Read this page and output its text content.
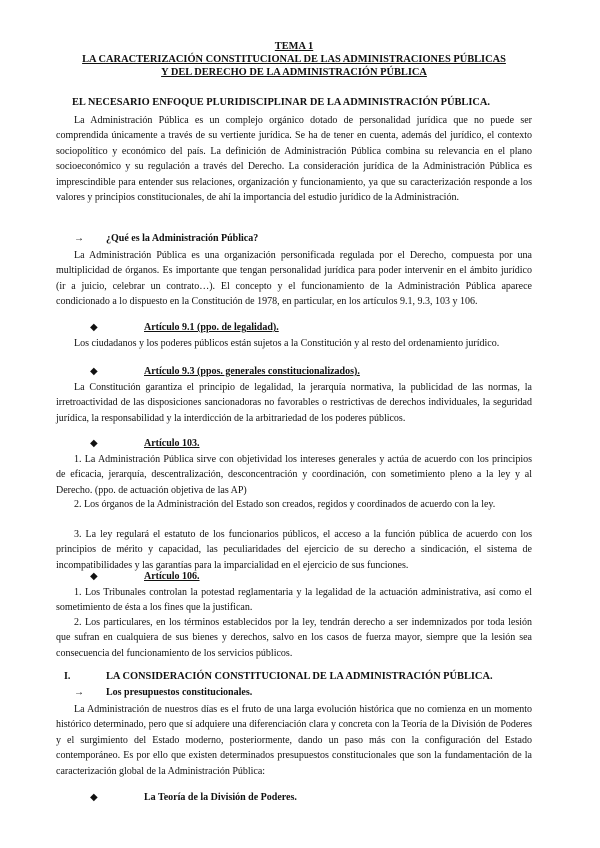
TEMA 1

LA CARACTERIZACIÓN CONSTITUCIONAL DE LAS ADMINISTRACIONES PÚBLICAS

Y DEL DERECHO DE LA ADMINISTRACIÓN PÚBLICA

EL NECESARIO ENFOQUE PLURIDISCIPLINAR DE LA ADMINISTRACIÓN PÚBLICA.

La Administración Pública es un complejo orgánico dotado de personalidad jurídica que no puede ser comprendida únicamente a través de su vertiente jurídica. Se ha de tener en cuenta, además del jurídico, el contexto sociopolítico y económico del país. La definición de Administración Pública combina su relevancia en el plano socioeconómico y su regulación a través del Derecho. La consideración jurídica de la Administración Pública es imprescindible para entender sus relaciones, organización y funcionamiento, ya que su caracterización responde a los valores y principios constitucionales, de ahí la importancia del estudio jurídico de la Administración.

→ ¿Qué es la Administración Pública?

La Administración Pública es una organización personificada regulada por el Derecho, compuesta por una multiplicidad de órganos. Es importante que tengan personalidad jurídica para poder intervenir en el ámbito jurídico (ir a juicio, celebrar un contrato…). El concepto y el funcionamiento de la Administración Pública aparece condicionado a lo dispuesto en la Constitución de 1978, en particular, en los artículos 9.1, 9.3, 103 y 106.

◆	Artículo 9.1 (ppo. de legalidad).

Los ciudadanos y los poderes públicos están sujetos a la Constitución y al resto del ordenamiento jurídico.

◆	Artículo 9.3 (ppos. generales constitucionalizados).

La Constitución garantiza el principio de legalidad, la jerarquía normativa, la publicidad de las normas, la irretroactividad de las disposiciones sancionadoras no favorables o restrictivas de derechos individuales, la seguridad jurídica, la responsabilidad y la interdicción de la arbitrariedad de los poderes públicos.

◆	Artículo 103.

1. La Administración Pública sirve con objetividad los intereses generales y actúa de acuerdo con los principios de eficacia, jerarquía, descentralización, desconcentración y coordinación, con sometimiento pleno a la ley y al Derecho. (ppo. de actuación objetiva de las AP)

2. Los órganos de la Administración del Estado son creados, regidos y coordinados de acuerdo con la ley.

3. La ley regulará el estatuto de los funcionarios públicos, el acceso a la función pública de acuerdo con los principios de mérito y capacidad, las peculiaridades del ejercicio de su derecho a sindicación, el sistema de incompatibilidades y las garantías para la imparcialidad en el ejercicio de sus funciones.

◆	Artículo 106.

1. Los Tribunales controlan la potestad reglamentaria y la legalidad de la actuación administrativa, así como el sometimiento de ésta a los fines que la justifican.

2. Los particulares, en los términos establecidos por la ley, tendrán derecho a ser indemnizados por toda lesión que sufran en cualquiera de sus bienes y derechos, salvo en los casos de fuerza mayor, siempre que la lesión sea consecuencia del funcionamiento de los servicios públicos.

I.	LA CONSIDERACIÓN CONSTITUCIONAL DE LA ADMINISTRACIÓN PÚBLICA.

→ Los presupuestos constitucionales.

La Administración de nuestros días es el fruto de una larga evolución histórica que no comienza en un momento histórico determinado, pero que sí adquiere una diferenciación clara y concreta con la Teoría de la División de Poderes y el surgimiento del Estado moderno, posteriormente, dando un paso más con la configuración del Estado contemporáneo. Es por ello que existen determinados presupuestos constitucionales que son la fundamentación de la caracterización global de la Administración Pública:

◆	La Teoría de la División de Poderes.
